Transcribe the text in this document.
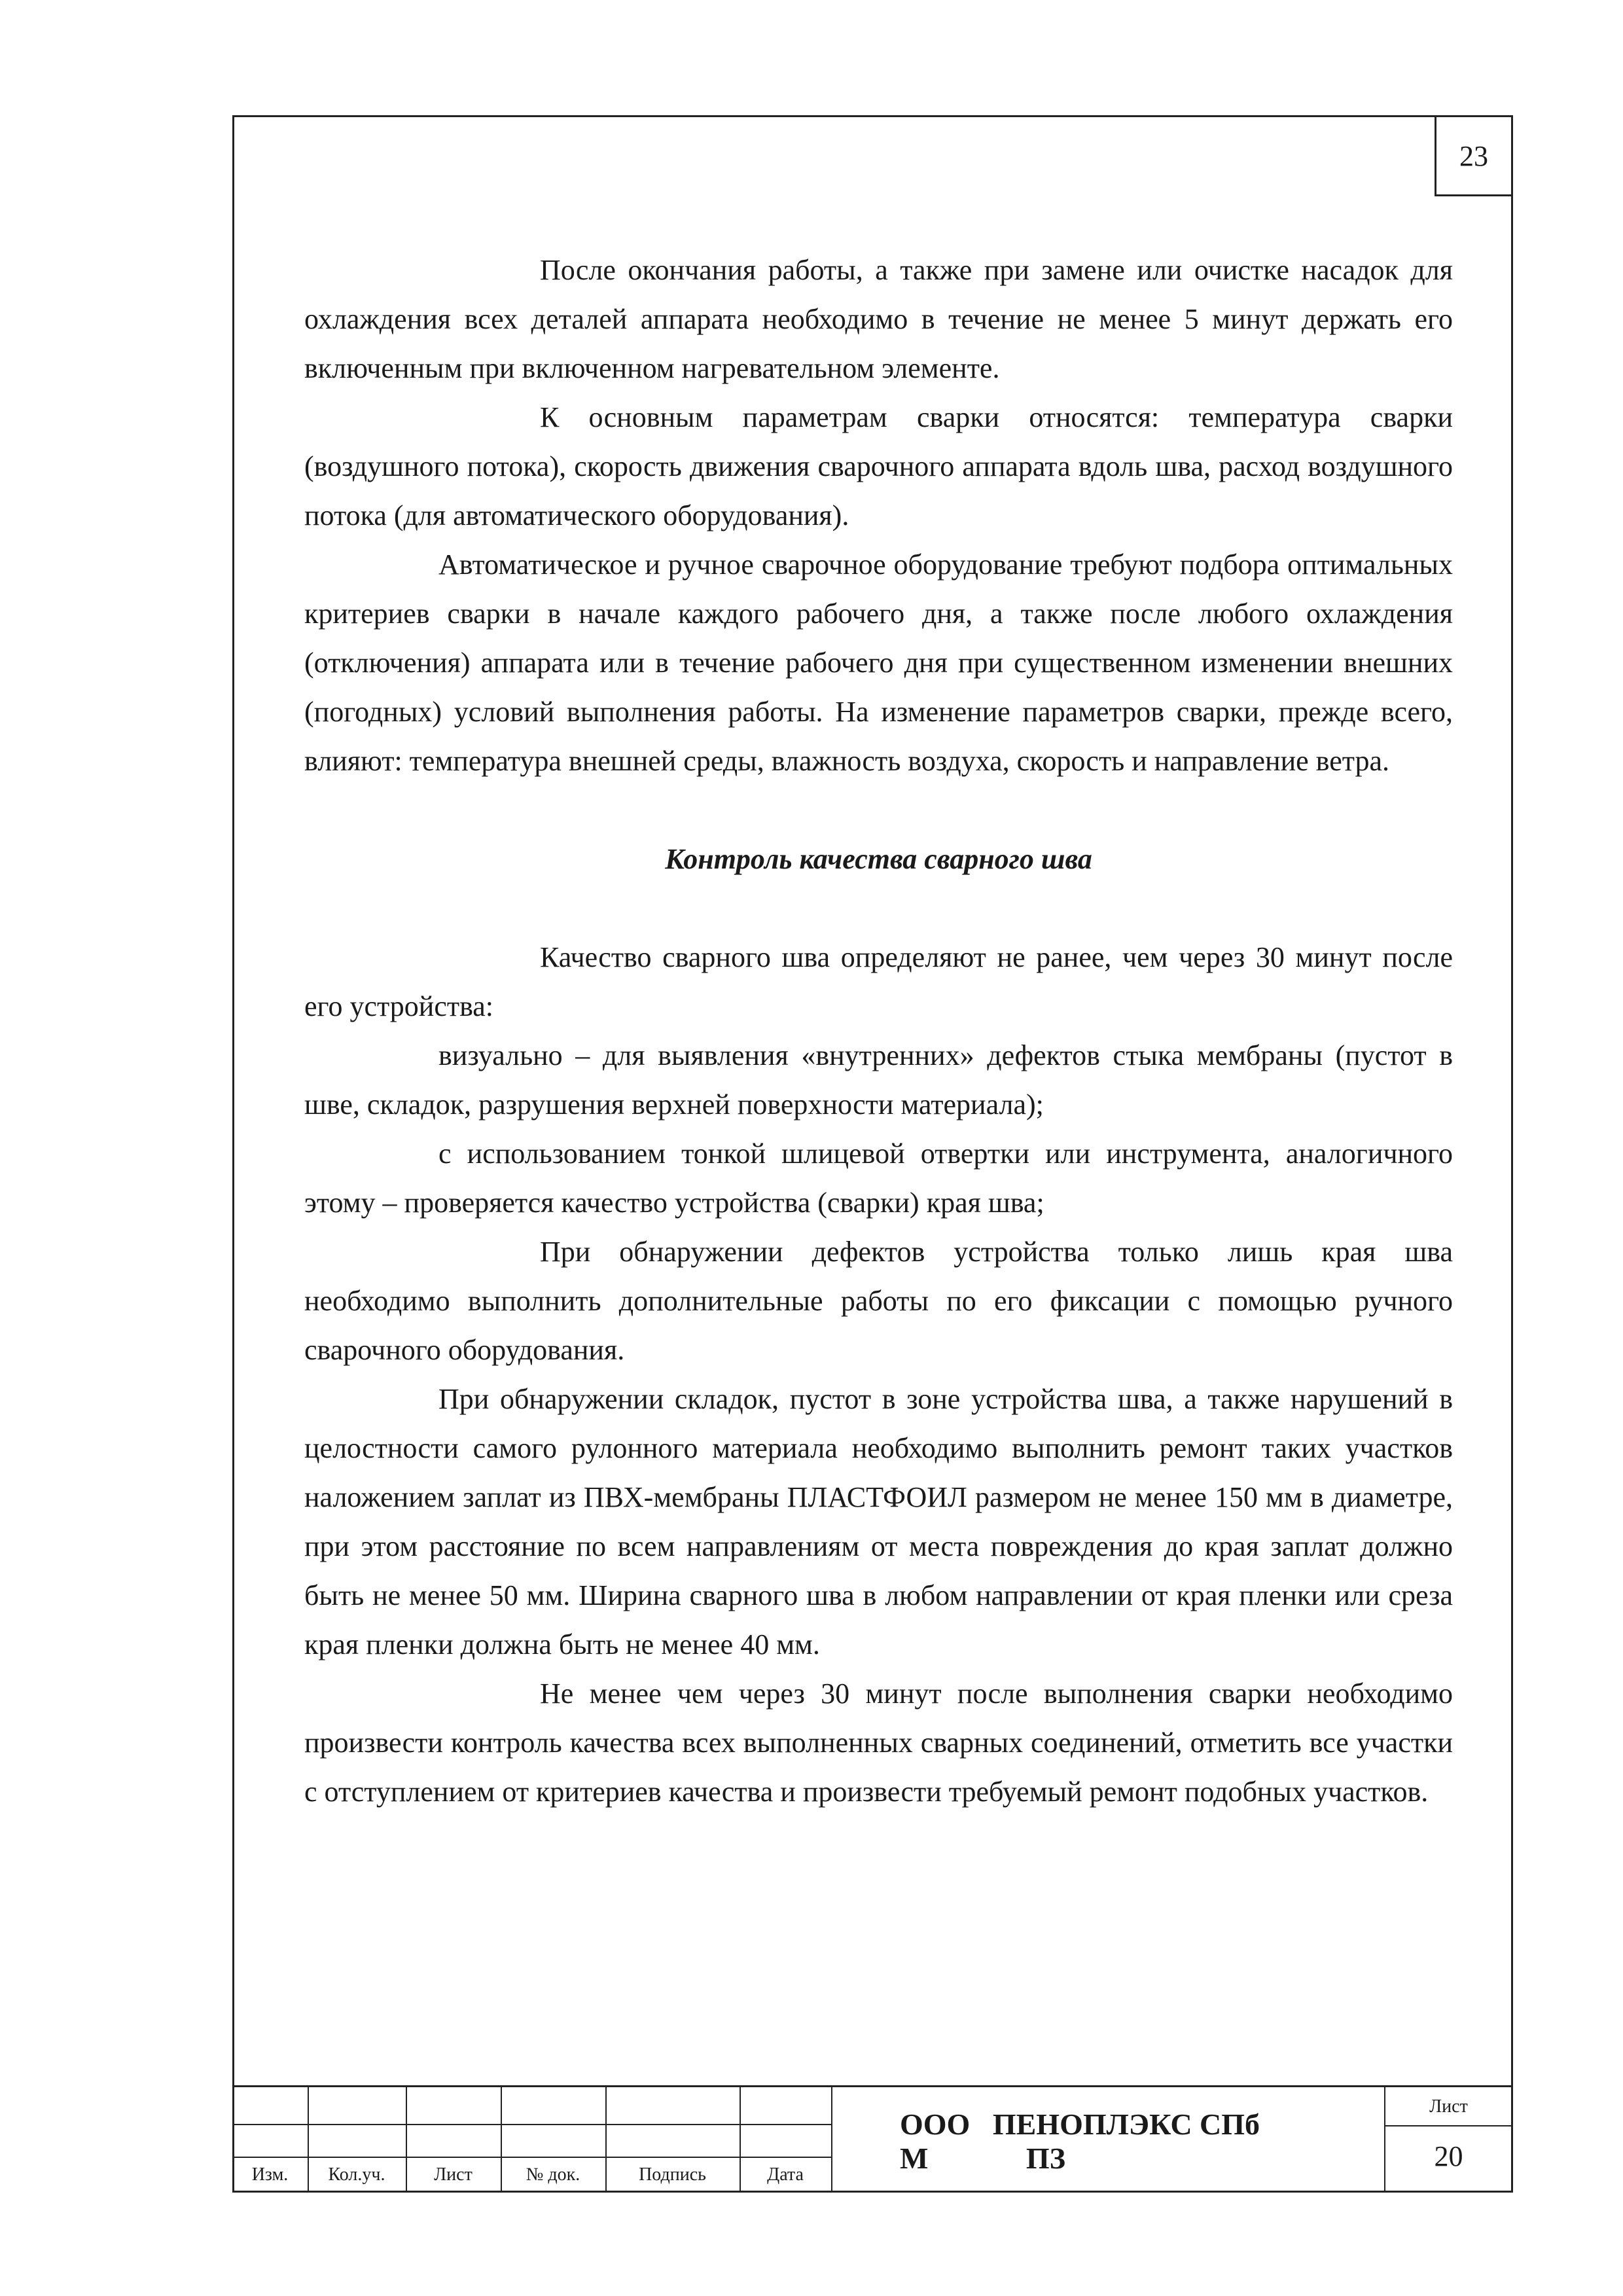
23

После окончания работы, а также при замене или очистке насадок для охлаждения всех деталей аппарата необходимо в течение не менее 5 минут держать его включенным при включенном нагревательном элементе.

К основным параметрам сварки относятся: температура сварки (воздушного потока), скорость движения сварочного аппарата вдоль шва, расход воздушного потока (для автоматического оборудования).

Автоматическое и ручное сварочное оборудование требуют подбора оптимальных критериев сварки в начале каждого рабочего дня, а также после любого охлаждения (отключения) аппарата или в течение рабочего дня при существенном изменении внешних (погодных) условий выполнения работы. На изменение параметров сварки, прежде всего, влияют: температура внешней среды, влажность воздуха, скорость и направление ветра.

Контроль качества сварного шва

Качество сварного шва определяют не ранее, чем через 30 минут после его устройства:

визуально – для выявления «внутренних» дефектов стыка мембраны (пустот в шве, складок, разрушения верхней поверхности материала);

с использованием тонкой шлицевой отвертки или инструмента, аналогичного этому – проверяется качество устройства (сварки) края шва;

При обнаружении дефектов устройства только лишь края шва необходимо выполнить дополнительные работы по его фиксации с помощью ручного сварочного оборудования.

При обнаружении складок, пустот в зоне устройства шва, а также нарушений в целостности самого рулонного материала необходимо выполнить ремонт таких участков наложением заплат из ПВХ-мембраны ПЛАСТФОИЛ размером не менее 150 мм в диаметре, при этом расстояние по всем направлениям от места повреждения до края заплат должно быть не менее 50 мм. Ширина сварного шва в любом направлении от края пленки или среза края пленки должна быть не менее 40 мм.

Не менее чем через 30 минут после выполнения сварки необходимо произвести контроль качества всех выполненных сварных соединений, отметить все участки с отступлением от критериев качества и произвести требуемый ремонт подобных участков.

Изм.	Кол.уч.	Лист	№ док.	Подпись	Дата
ООО   ПЕНОПЛЭКС СПб
М             ПЗ
Лист
20
